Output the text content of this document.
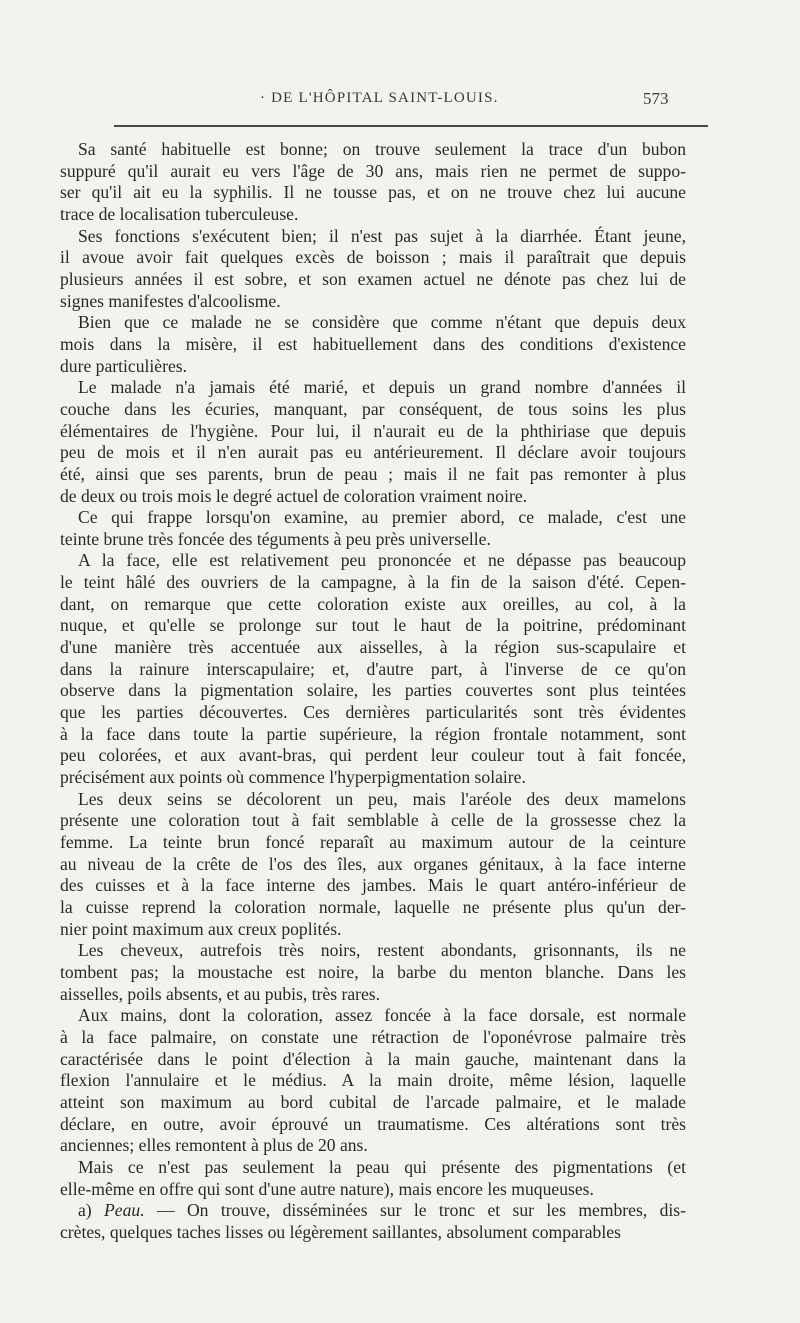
· DE L'HÔPITAL SAINT-LOUIS.	573
Sa santé habituelle est bonne; on trouve seulement la trace d'un bubon
suppuré qu'il aurait eu vers l'âge de 30 ans, mais rien ne permet de suppo-
ser qu'il ait eu la syphilis. Il ne tousse pas, et on ne trouve chez lui aucune
trace de localisation tuberculeuse.
Ses fonctions s'exécutent bien; il n'est pas sujet à la diarrhée. Étant jeune,
il avoue avoir fait quelques excès de boisson ; mais il paraîtrait que depuis
plusieurs années il est sobre, et son examen actuel ne dénote pas chez lui de
signes manifestes d'alcoolisme.
Bien que ce malade ne se considère que comme n'étant que depuis deux
mois dans la misère, il est habituellement dans des conditions d'existence
dure particulières.
Le malade n'a jamais été marié, et depuis un grand nombre d'années il
couche dans les écuries, manquant, par conséquent, de tous soins les plus
élémentaires de l'hygiène. Pour lui, il n'aurait eu de la phthiriase que depuis
peu de mois et il n'en aurait pas eu antérieurement. Il déclare avoir toujours
été, ainsi que ses parents, brun de peau ; mais il ne fait pas remonter à plus
de deux ou trois mois le degré actuel de coloration vraiment noire.
Ce qui frappe lorsqu'on examine, au premier abord, ce malade, c'est une
teinte brune très foncée des téguments à peu près universelle.
A la face, elle est relativement peu prononcée et ne dépasse pas beaucoup
le teint hâlé des ouvriers de la campagne, à la fin de la saison d'été. Cepen-
dant, on remarque que cette coloration existe aux oreilles, au col, à la
nuque, et qu'elle se prolonge sur tout le haut de la poitrine, prédominant
d'une manière très accentuée aux aisselles, à la région sus-scapulaire et
dans la rainure interscapulaire; et, d'autre part, à l'inverse de ce qu'on
observe dans la pigmentation solaire, les parties couvertes sont plus teintées
que les parties découvertes. Ces dernières particularités sont très évidentes
à la face dans toute la partie supérieure, la région frontale notamment, sont
peu colorées, et aux avant-bras, qui perdent leur couleur tout à fait foncée,
précisément aux points où commence l'hyperpigmentation solaire.
Les deux seins se décolorent un peu, mais l'aréole des deux mamelons
présente une coloration tout à fait semblable à celle de la grossesse chez la
femme. La teinte brun foncé reparaît au maximum autour de la ceinture
au niveau de la crête de l'os des îles, aux organes génitaux, à la face interne
des cuisses et à la face interne des jambes. Mais le quart antéro-inférieur de
la cuisse reprend la coloration normale, laquelle ne présente plus qu'un der-
nier point maximum aux creux poplités.
Les cheveux, autrefois très noirs, restent abondants, grisonnants, ils ne
tombent pas; la moustache est noire, la barbe du menton blanche. Dans les
aisselles, poils absents, et au pubis, très rares.
Aux mains, dont la coloration, assez foncée à la face dorsale, est normale
à la face palmaire, on constate une rétraction de l'oponévrose palmaire très
caractérisée dans le point d'élection à la main gauche, maintenant dans la
flexion l'annulaire et le médius. A la main droite, même lésion, laquelle
atteint son maximum au bord cubital de l'arcade palmaire, et le malade
déclare, en outre, avoir éprouvé un traumatisme. Ces altérations sont très
anciennes; elles remontent à plus de 20 ans.
Mais ce n'est pas seulement la peau qui présente des pigmentations (et
elle-même en offre qui sont d'une autre nature), mais encore les muqueuses.
a) Peau. — On trouve, disséminées sur le tronc et sur les membres, dis-
crètes, quelques taches lisses ou légèrement saillantes, absolument comparables
